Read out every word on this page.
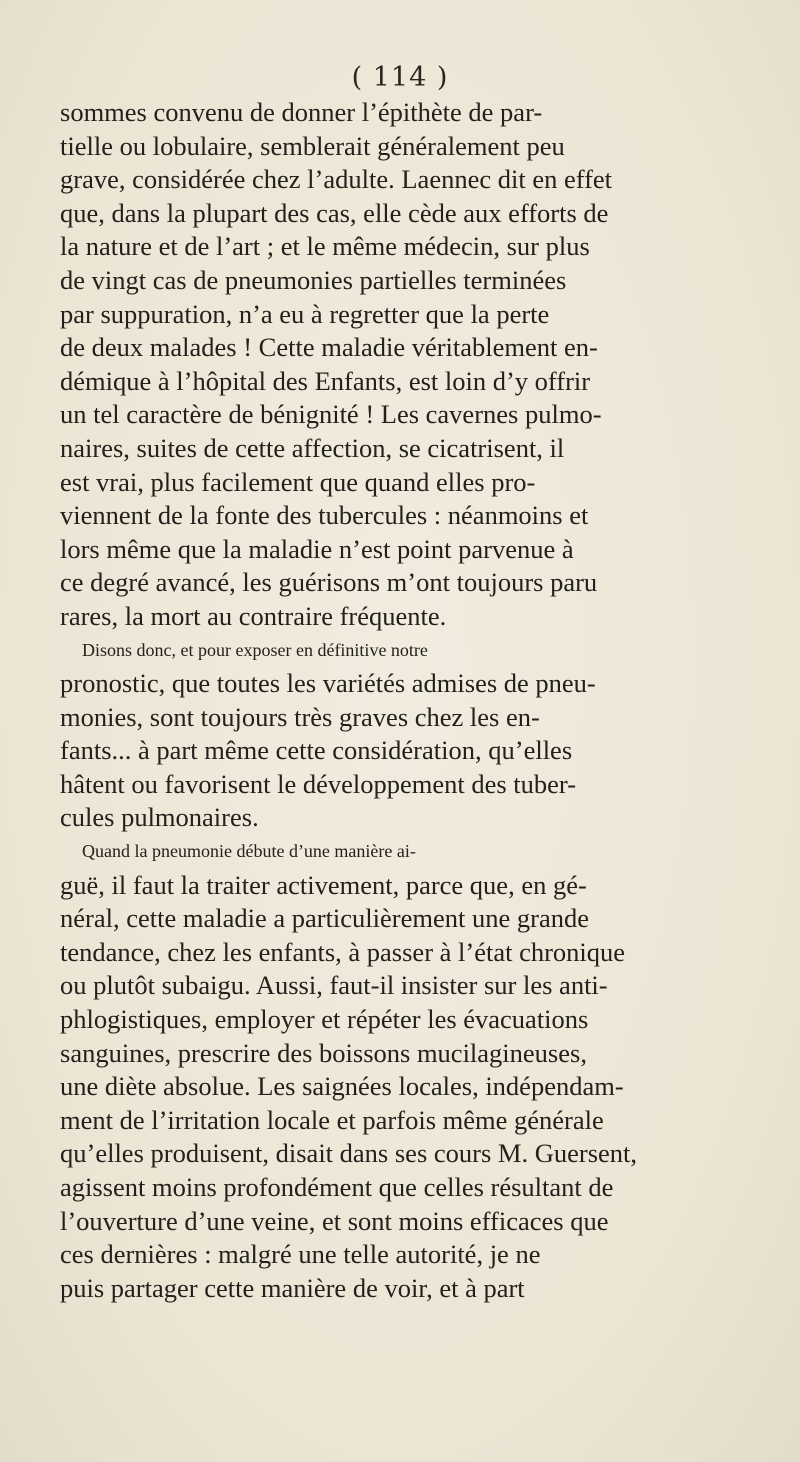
( 114 )
sommes convenu de donner l’épithète de par-
tielle ou lobulaire, semblerait généralement peu
grave, considérée chez l’adulte. Laennec dit en effet
que, dans la plupart des cas, elle cède aux efforts de
la nature et de l’art ; et le même médecin, sur plus
de vingt cas de pneumonies partielles terminées
par suppuration, n’a eu à regretter que la perte
de deux malades ! Cette maladie véritablement en-
démique à l’hôpital des Enfants, est loin d’y offrir
un tel caractère de bénignité ! Les cavernes pulmo-
naires, suites de cette affection, se cicatrisent, il
est vrai, plus facilement que quand elles pro-
viennent de la fonte des tubercules : néanmoins et
lors même que la maladie n’est point parvenue à
ce degré avancé, les guérisons m’ont toujours paru
rares, la mort au contraire fréquente.
Disons donc, et pour exposer en définitive notre
pronostic, que toutes les variétés admises de pneu-
monies, sont toujours très graves chez les en-
fants... à part même cette considération, qu’elles
hâtent ou favorisent le développement des tuber-
cules pulmonaires.
Quand la pneumonie débute d’une manière ai-
guë, il faut la traiter activement, parce que, en gé-
néral, cette maladie a particulièrement une grande
tendance, chez les enfants, à passer à l’état chronique
ou plutôt subaigu. Aussi, faut-il insister sur les anti-
phlogistiques, employer et répéter les évacuations
sanguines, prescrire des boissons mucilagineuses,
une diète absolue. Les saignées locales, indépendam-
ment de l’irritation locale et parfois même générale
qu’elles produisent, disait dans ses cours M. Guersent,
agissent moins profondément que celles résultant de
l’ouverture d’une veine, et sont moins efficaces que
ces dernières : malgré une telle autorité, je ne
puis partager cette manière de voir, et à part
